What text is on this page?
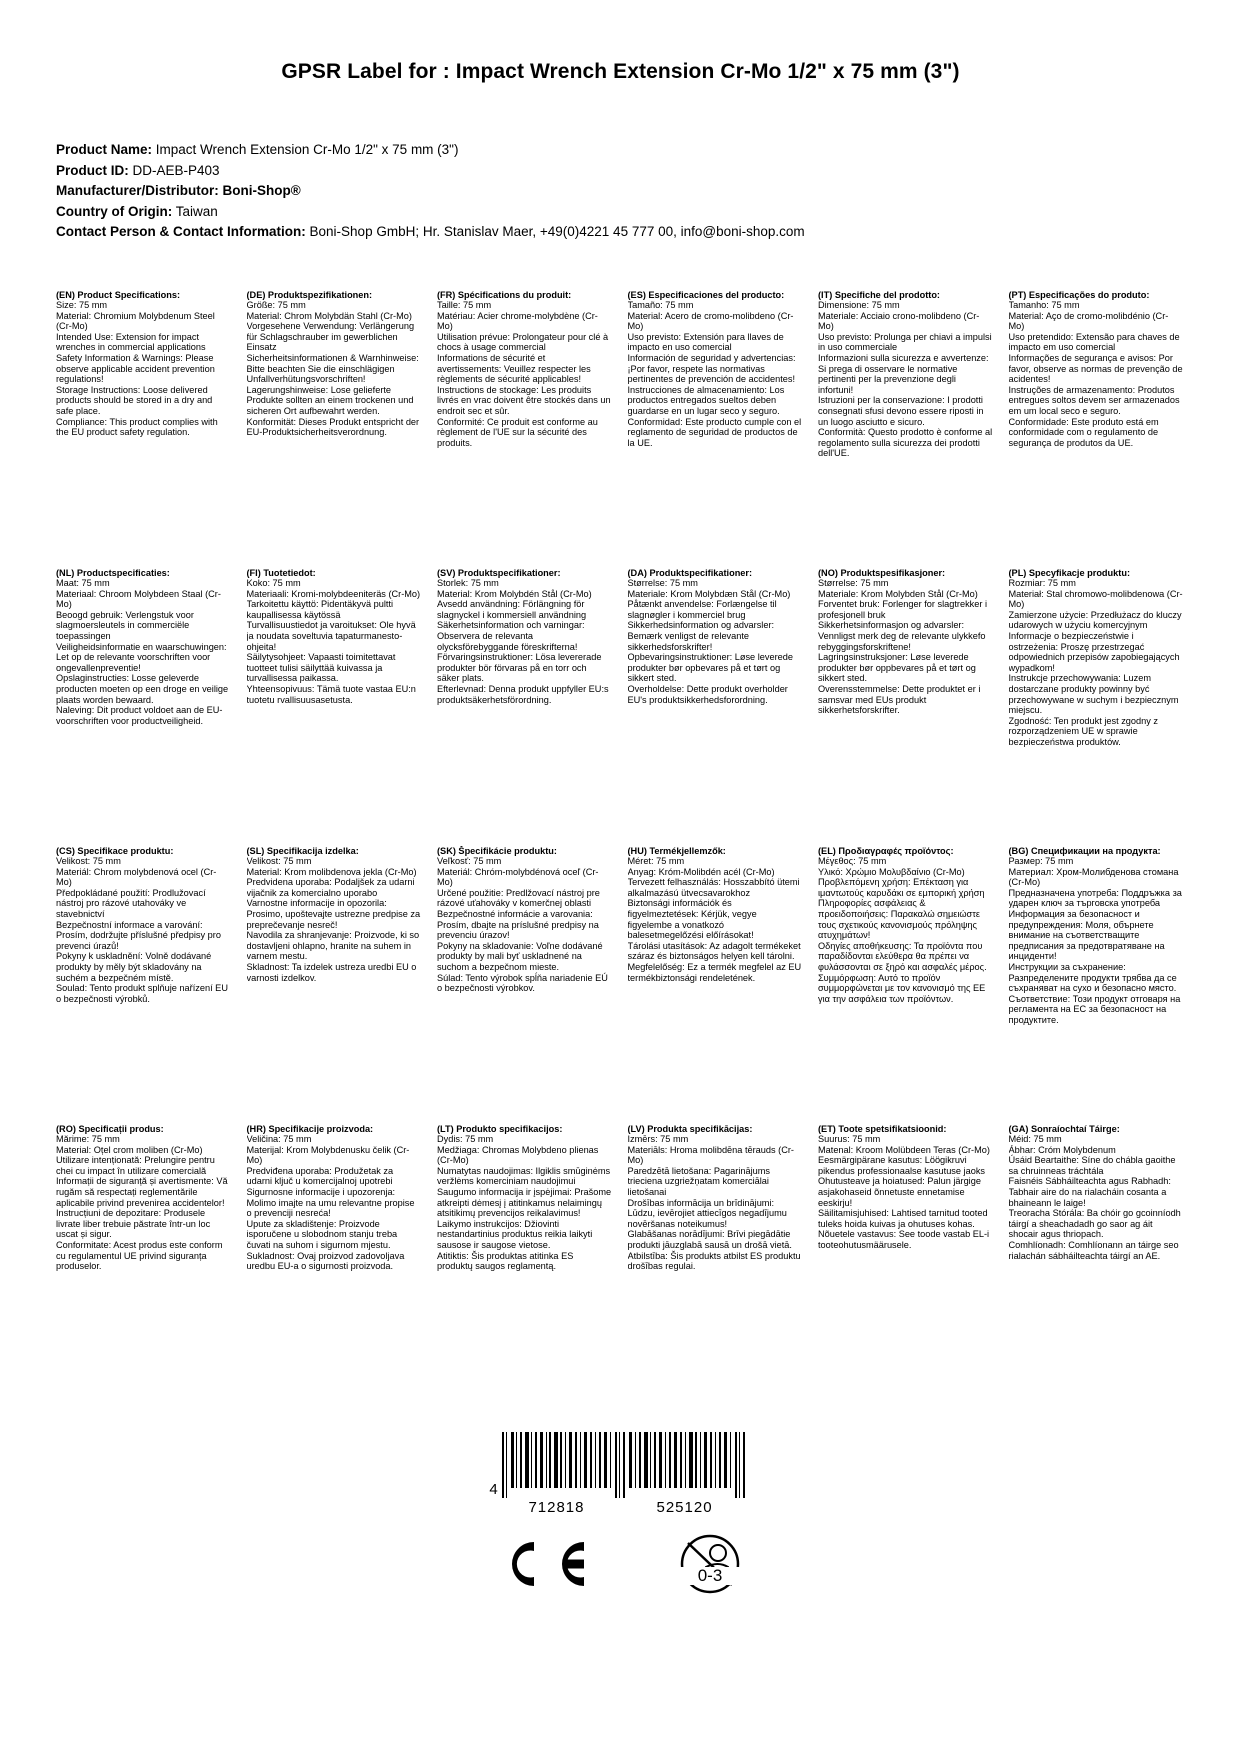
GPSR Label for : Impact Wrench Extension Cr-Mo 1/2" x 75 mm (3")
Product Name: Impact Wrench Extension Cr-Mo 1/2" x 75 mm (3")
Product ID: DD-AEB-P403
Manufacturer/Distributor: Boni-Shop®
Country of Origin: Taiwan
Contact Person & Contact Information: Boni-Shop GmbH; Hr. Stanislav Maer, +49(0)4221 45 777 00, info@boni-shop.com
(EN) Product Specifications:
Size: 75 mm
Material: Chromium Molybdenum Steel (Cr-Mo)
Intended Use: Extension for impact wrenches in commercial applications
Safety Information & Warnings: Please observe applicable accident prevention regulations!
Storage Instructions: Loose delivered products should be stored in a dry and safe place.
Compliance: This product complies with the EU product safety regulation.
(DE) Produktspezifikationen:
Größe: 75 mm
Material: Chrom Molybdän Stahl (Cr-Mo)
Vorgesehene Verwendung: Verlängerung für Schlagschrauber im gewerblichen Einsatz
Sicherheitsinformationen & Warnhinweise: Bitte beachten Sie die einschlägigen Unfallverhütungsvorschriften!
Lagerungshinweise: Lose gelieferte Produkte sollten an einem trockenen und sicheren Ort aufbewahrt werden.
Konformität: Dieses Produkt entspricht der EU-Produktsicherheitsverordnung.
(FR) Spécifications du produit:
Taille: 75 mm
Matériau: Acier chrome-molybdène (Cr-Mo)
Utilisation prévue: Prolongateur pour clé à chocs à usage commercial
Informations de sécurité et avertissements: Veuillez respecter les règlements de sécurité applicables!
Instructions de stockage: Les produits livrés en vrac doivent être stockés dans un endroit sec et sûr.
Conformité: Ce produit est conforme au règlement de l'UE sur la sécurité des produits.
(ES) Especificaciones del producto:
Tamaño: 75 mm
Material: Acero de cromo-molibdeno (Cr-Mo)
Uso previsto: Extensión para llaves de impacto en uso comercial
Información de seguridad y advertencias: ¡Por favor, respete las normativas pertinentes de prevención de accidentes!
Instrucciones de almacenamiento: Los productos entregados sueltos deben guardarse en un lugar seco y seguro.
Conformidad: Este producto cumple con el reglamento de seguridad de productos de la UE.
(IT) Specifiche del prodotto:
Dimensione: 75 mm
Materiale: Acciaio crono-molibdeno (Cr-Mo)
Uso previsto: Prolunga per chiavi a impulsi in uso commerciale
Informazioni sulla sicurezza e avvertenze: Si prega di osservare le normative pertinenti per la prevenzione degli infortuni!
Istruzioni per la conservazione: I prodotti consegnati sfusi devono essere riposti in un luogo asciutto e sicuro.
Conformità: Questo prodotto è conforme al regolamento sulla sicurezza dei prodotti dell'UE.
(PT) Especificações do produto:
Tamanho: 75 mm
Material: Aço de cromo-molibdénio (Cr-Mo)
Uso pretendido: Extensão para chaves de impacto em uso comercial
Informações de segurança e avisos: Por favor, observe as normas de prevenção de acidentes!
Instruções de armazenamento: Produtos entregues soltos devem ser armazenados em um local seco e seguro.
Conformidade: Este produto está em conformidade com o regulamento de segurança de produtos da UE.
(NL) Productspecificaties:
Maat: 75 mm
Materiaal: Chroom Molybdeen Staal (Cr-Mo)
Beoogd gebruik: Verlengstuk voor slagmoersleutels in commerciële toepassingen
Veiligheidsinformatie en waarschuwingen: Let op de relevante voorschriften voor ongevallenpreventie!
Opslaginstructies: Losse geleverde producten moeten op een droge en veilige plaats worden bewaard.
Naleving: Dit product voldoet aan de EU-voorschriften voor productveiligheid.
(FI) Tuotetiedot:
Koko: 75 mm
Materiaali: Kromi-molybdeeniteräs (Cr-Mo)
Tarkoitettu käyttö: Pidentäkyvä pultti kaupallisessa käytössä
Turvallisuustiedot ja varoitukset: Ole hyvä ja noudata soveltuvia tapaturmanesto-ohjeita!
Säilytysohjeet: Vapaasti toimitettavat tuotteet tulisi säilyttää kuivassa ja turvallisessa paikassa.
Yhteensopivuus: Tämä tuote vastaa EU:n tuotetu rvallisuusasetusta.
(SV) Produktspecifikationer:
Storlek: 75 mm
Material: Krom Molybdén Stål (Cr-Mo)
Avsedd användning: Förlängning för slagnyckel i kommersiell användning
Säkerhetsinformation och varningar: Observera de relevanta olycksförebyggande föreskrifterna!
Förvaringsinstruktioner: Lösa levererade produkter bör förvaras på en torr och säker plats.
Efterlevnad: Denna produkt uppfyller EU:s produktsäkerhetsförordning.
(DA) Produktspecifikationer:
Størrelse: 75 mm
Materiale: Krom Molybdæn Stål (Cr-Mo)
Påtænkt anvendelse: Forlængelse til slagnøgler i kommerciel brug
Sikkerhedsinformation og advarsler: Bemærk venligst de relevante sikkerhedsforskrifter!
Opbevaringsinstruktioner: Løse leverede produkter bør opbevares på et tørt og sikkert sted.
Overholdelse: Dette produkt overholder EU's produktsikkerhedsforordning.
(NO) Produktspesifikasjoner:
Størrelse: 75 mm
Materiale: Krom Molybden Stål (Cr-Mo)
Forventet bruk: Forlenger for slagtrekker i profesjonell bruk
Sikkerhetsinformasjon og advarsler: Vennligst merk deg de relevante ulykkefo rebyggingsforskriftene!
Lagringsinstruksjoner: Løse leverede produkter bør oppbevares på et tørt og sikkert sted.
Overensstemmelse: Dette produktet er i samsvar med EUs produkt sikkerhetsforskrifter.
(PL) Specyfikacje produktu:
Rozmiar: 75 mm
Materiał: Stal chromowo-molibdenowa (Cr-Mo)
Zamierzone użycie: Przedłużacz do kluczy udarowych w użyciu komercyjnym
Informacje o bezpieczeństwie i ostrzeżenia: Proszę przestrzegać odpowiednich przepisów zapobiegających wypadkom!
Instrukcje przechowywania: Luzem dostarczane produkty powinny być przechowywane w suchym i bezpiecznym miejscu.
Zgodność: Ten produkt jest zgodny z rozporządzeniem UE w sprawie bezpieczeństwa produktów.
(CS) Specifikace produktu:
Velikost: 75 mm
Materiál: Chrom molybdenová ocel (Cr-Mo)
Předpokládané použití: Prodlužovací nástroj pro rázové utahováky ve stavebnictví
Bezpečnostní informace a varování: Prosím, dodržujte příslušné předpisy pro prevenci úrazů!
Pokyny k uskladnění: Volně dodávané produkty by měly být skladovány na suchém a bezpečném místě.
Soulad: Tento produkt splňuje nařízení EU o bezpečnosti výrobků.
(SL) Specifikacija izdelka:
Velikost: 75 mm
Material: Krom molibdenova jekla (Cr-Mo)
Predvidena uporaba: Podaljšek za udarni vijačnik za komercialno uporabo
Varnostne informacije in opozorila: Prosimo, upoštevajte ustrezne predpise za preprečevanje nesreč!
Navodila za shranjevanje: Proizvode, ki so dostavljeni ohlapno, hranite na suhem in varnem mestu.
Skladnost: Ta izdelek ustreza uredbi EU o varnosti izdelkov.
(SK) Špecifikácie produktu:
Veľkosť: 75 mm
Materiál: Chróm-molybdénová oceľ (Cr-Mo)
Určené použitie: Predlžovací nástroj pre rázové uťahováky v komerčnej oblasti
Bezpečnostné informácie a varovania: Prosím, dbajte na príslušné predpisy na prevenciu úrazov!
Pokyny na skladovanie: Voľne dodávané produkty by mali byť uskladnené na suchom a bezpečnom mieste.
Súlad: Tento výrobok spĺňa nariadenie EÚ o bezpečnosti výrobkov.
(HU) Termékjellemzők:
Méret: 75 mm
Anyag: Króm-Molibdén acél (Cr-Mo)
Tervezett felhasználás: Hosszabbító ütemi alkalmazású ütvecsavarokhoz
Biztonsági információk és figyelmeztetések: Kérjük, vegye figyelembe a vonatkozó balesetmegelőzési előírásokat!
Tárolási utasítások: Az adagolt termékeket száraz és biztonságos helyen kell tárolni.
Megfelelőség: Ez a termék megfelel az EU termékbiztonsági rendeletének.
(EL) Προδιαγραφές προϊόντος:
Μέγεθος: 75 mm
Υλικό: Χρώμιο Μολυβδαίνιο (Cr-Mo)
Προβλεπόμενη χρήση: Επέκταση για ιμαντωτούς καρυδάκι σε εμπορική χρήση
Πληροφορίες ασφάλειας & προειδοποιήσεις: Παρακαλώ σημειώστε τους σχετικούς κανονισμούς πρόληψης ατυχημάτων!
Οδηγίες αποθήκευσης: Τα προϊόντα που παραδίδονται ελεύθερα θα πρέπει να φυλάσσονται σε ξηρό και ασφαλές μέρος.
Συμμόρφωση: Αυτό το προϊόν συμμορφώνεται με τον κανονισμό της ΕΕ για την ασφάλεια των προϊόντων.
(BG) Спецификации на продукта:
Размер: 75 mm
Материал: Хром-Молибденова стомана (Cr-Mo)
Предназначена употреба: Поддръжка за ударен ключ за търговска употреба
Информация за безопасност и предупреждения: Моля, обърнете внимание на съответстващите предписания за предотвратяване на инциденти!
Инструкции за съхранение: Разпределените продукти трябва да се съхраняват на сухо и безопасно място.
Съответствие: Този продукт отговаря на регламента на ЕС за безопасност на продуктите.
(RO) Specificații produs:
Mărime: 75 mm
Material: Oțel crom moliben (Cr-Mo)
Utilizare intenționată: Prelungire pentru chei cu impact în utilizare comercială
Informații de siguranță și avertismente: Vă rugăm să respectați reglementările aplicabile privind prevenirea accidentelor!
Instrucțiuni de depozitare: Produsele livrate liber trebuie păstrate într-un loc uscat și sigur.
Conformitate: Acest produs este conform cu regulamentul UE privind siguranța produselor.
(HR) Specifikacije proizvoda:
Veličina: 75 mm
Materijal: Krom Molybdenusku čelik (Cr-Mo)
Predviđena uporaba: Produžetak za udarni ključ u komercijalnoj upotrebi
Sigurnosne informacije i upozorenja: Molimo imajte na umu relevantne propise o prevenciji nesreća!
Upute za skladištenje: Proizvode isporučene u slobodnom stanju treba čuvati na suhom i sigurnom mjestu.
Sukladnost: Ovaj proizvod zadovoljava uredbu EU-a o sigurnosti proizvoda.
(LT) Produkto specifikacijos:
Dydis: 75 mm
Medžiaga: Chromas Molybdeno plienas (Cr-Mo)
Numatytas naudojimas: Ilgiklis smūginėms veržlėms komerciniam naudojimui
Saugumo informacija ir įspėjimai: Prašome atkreipti dėmesį į atitinkamus nelaimingų atsitikimų prevencijos reikalavimus!
Laikymo instrukcijos: Džiovinti nestandartinius produktus reikia laikyti sausose ir saugose vietose.
Atitiktis: Šis produktas atitinka ES produktų saugos reglamentą.
(LV) Produkta specifikācijas:
Izmērs: 75 mm
Materiāls: Hroma molibdēna tērauds (Cr-Mo)
Paredzētā lietošana: Pagarinājums trieciena uzgriežņatam komerciālai lietošanai
Drošības informācija un brīdinājumi: Lūdzu, ievērojiet attiecīgos negadījumu novēršanas noteikumus!
Glabāšanas norādījumi: Brīvi piegādātie produkti jāuzglabā sausā un drošā vietā.
Atbilstība: Šis produkts atbilst ES produktu drošības regulai.
(ET) Toote spetsifikatsioonid:
Suurus: 75 mm
Matenal: Kroom Molübdeen Teras (Cr-Mo)
Eesmärgipärane kasutus: Löögikruvi pikendus professionaalse kasutuse jaoks
Ohutusteave ja hoiatused: Palun järgige asjakohaseid õnnetuste ennetamise eeskirju!
Säilitamisjuhised: Lahtised tarnitud tooted tuleks hoida kuivas ja ohutuses kohas.
Nõuetele vastavus: See toode vastab EL-i tooteohutusmäärusele.
(GA) Sonraíochtaí Táirge:
Méid: 75 mm
Ábhar: Cróm Molybdenum
Úsáid Beartaithe: Síne do chábla gaoithe sa chruinneas tráchtála
Faisnéis Sábháilteachta agus Rabhadh: Tabhair aire do na rialacháin cosanta a bhaineann le laige!
Treoracha Stórála: Ba chóir go gcoinníodh táirgí a sheachadadh go saor ag áit shocair agus thriopach.
Comhlíonadh: Comhlíonann an táirge seo rialachán sábháilteachta táirgí an AE.
4
712818	525120
0-3
